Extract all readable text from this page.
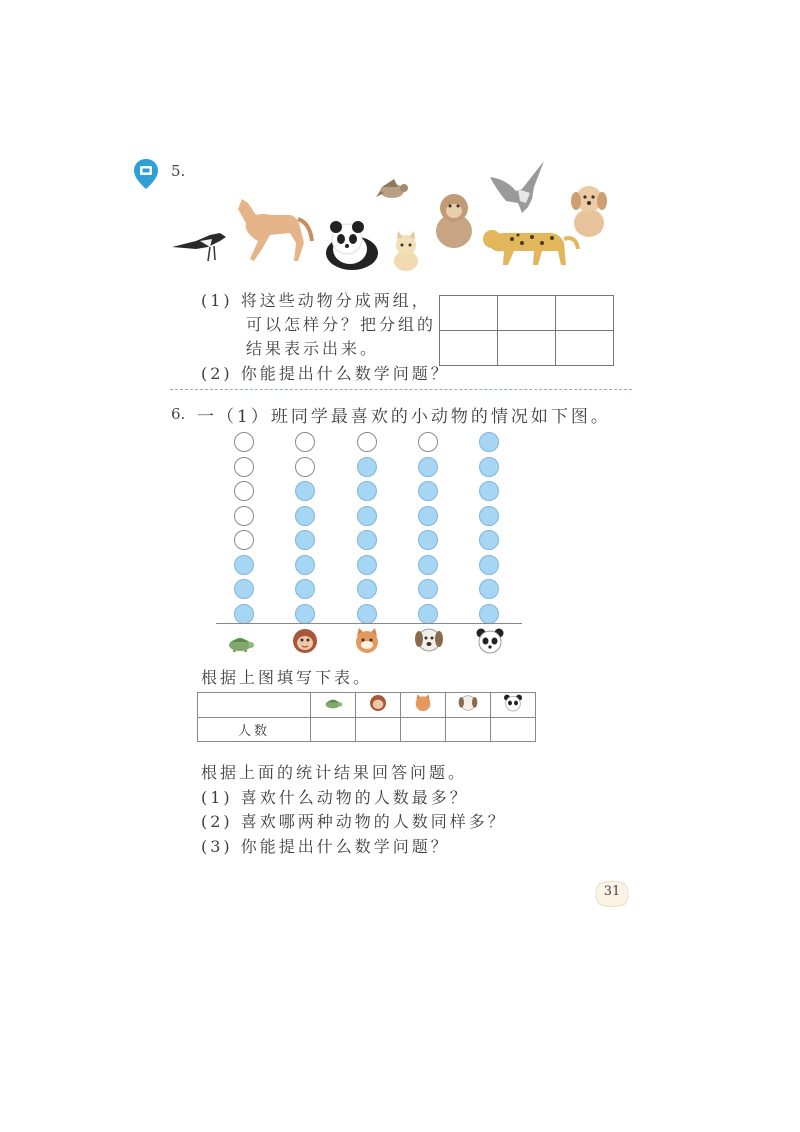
5.
(1) 将这些动物分成两组，
可以怎样分？把分组的
结果表示出来。
(2) 你能提出什么数学问题？

6. 一（1）班同学最喜欢的小动物的情况如下图。
根据上图填写下表。

人数					
根据上面的统计结果回答问题。
(1) 喜欢什么动物的人数最多？
(2) 喜欢哪两种动物的人数同样多？
(3) 你能提出什么数学问题？
31
